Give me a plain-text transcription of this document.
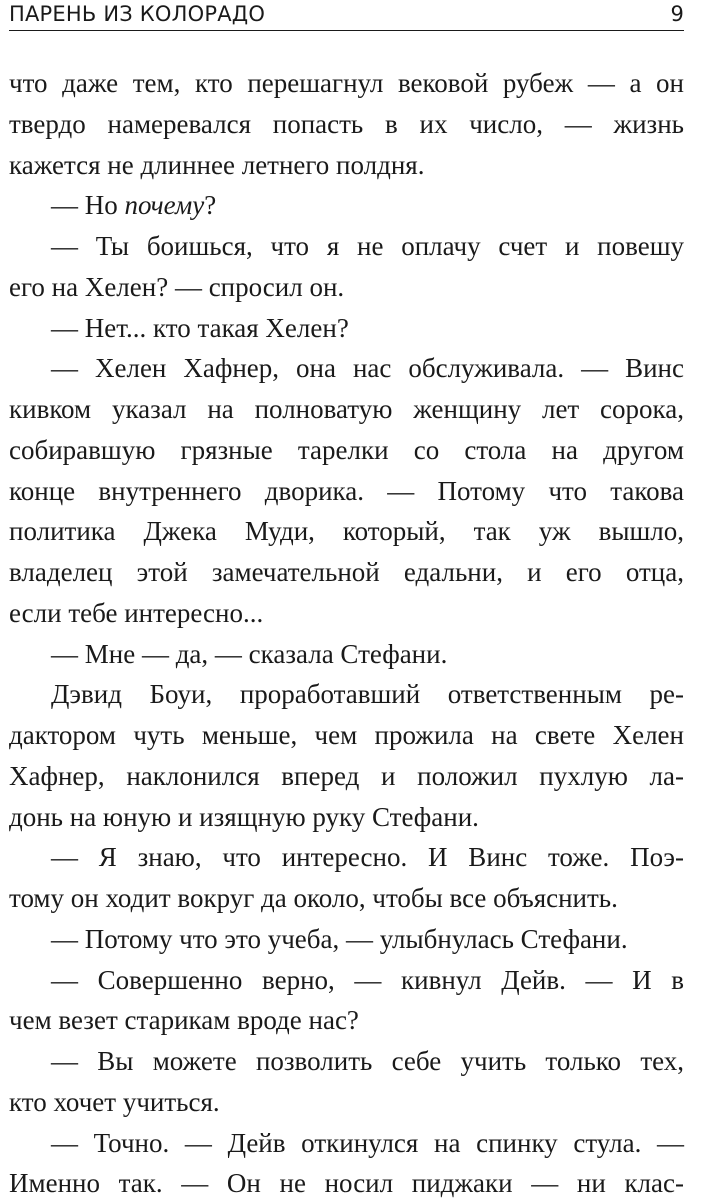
ПАРЕНЬ ИЗ КОЛОРАДО	9
что даже тем, кто перешагнул вековой рубеж — а он
твердо намеревался попасть в их число, — жизнь
кажется не длиннее летнего полдня.
— Но почему?
— Ты боишься, что я не оплачу счет и повешу
его на Хелен? — спросил он.
— Нет... кто такая Хелен?
— Хелен Хафнер, она нас обслуживала. — Винс
кивком указал на полноватую женщину лет сорока,
собиравшую грязные тарелки со стола на другом
конце внутреннего дворика. — Потому что такова
политика Джека Муди, который, так уж вышло,
владелец этой замечательной едальни, и его отца,
если тебе интересно...
— Мне — да, — сказала Стефани.
Дэвид Боуи, проработавший ответственным ре-
дактором чуть меньше, чем прожила на свете Хелен
Хафнер, наклонился вперед и положил пухлую ла-
донь на юную и изящную руку Стефани.
— Я знаю, что интересно. И Винс тоже. Поэ-
тому он ходит вокруг да около, чтобы все объяснить.
— Потому что это учеба, — улыбнулась Стефани.
— Совершенно верно, — кивнул Дейв. — И в
чем везет старикам вроде нас?
— Вы можете позволить себе учить только тех,
кто хочет учиться.
— Точно. — Дейв откинулся на спинку стула. —
Именно так. — Он не носил пиджаки — ни клас-
